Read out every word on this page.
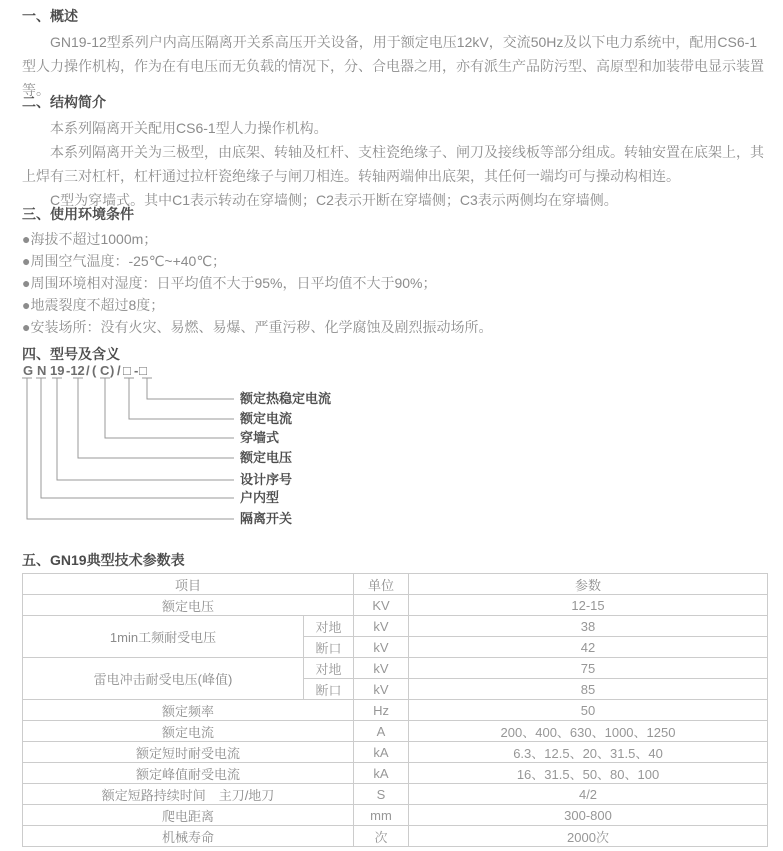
一、概述

GN19-12型系列户内高压隔离开关系高压开关设备，用于额定电压12kV，交流50Hz及以下电力系统中，配用CS6-1型人力操作机构，作为在有电压而无负载的情况下，分、合电器之用，亦有派生产品防污型、高原型和加装带电显示装置等。

二、结构简介

本系列隔离开关配用CS6-1型人力操作机构。

本系列隔离开关为三极型，由底架、转轴及杠杆、支柱瓷绝缘子、闸刀及接线板等部分组成。转轴安置在底架上，其上焊有三对杠杆，杠杆通过拉杆瓷绝缘子与闸刀相连。转轴两端伸出底架，其任何一端均可与操动构相连。

C型为穿墙式。其中C1表示转动在穿墙侧；C2表示开断在穿墙侧；C3表示两侧均在穿墙侧。

三、使用环境条件

●海拔不超过1000m；

●周围空气温度：-25℃~+40℃；

●周围环境相对湿度：日平均值不大于95%，日平均值不大于90%；

●地震裂度不超过8度；

●安装场所：没有火灾、易燃、易爆、严重污秽、化学腐蚀及剧烈振动场所。

四、型号及含义
G N 19 -12 / ( C ) / □ - □
额定热稳定电流
额定电流
穿墙式
额定电压
设计序号
户内型
隔离开关
五、GN19典型技术参数表
项目		单位	参数
额定电压		KV	12-15
1min工频耐受电压	对地	kV	38
	断口	kV	42
雷电冲击耐受电压(峰值)	对地	kV	75
	断口	kV	85
额定频率		Hz	50
额定电流		A	200、400、630、1000、1250
额定短时耐受电流		kA	6.3、12.5、20、31.5、40
额定峰值耐受电流		kA	16、31.5、50、80、100
额定短路持续时间　主刀/地刀		S	4/2
爬电距离		mm	300-800
机械寿命		次	2000次
